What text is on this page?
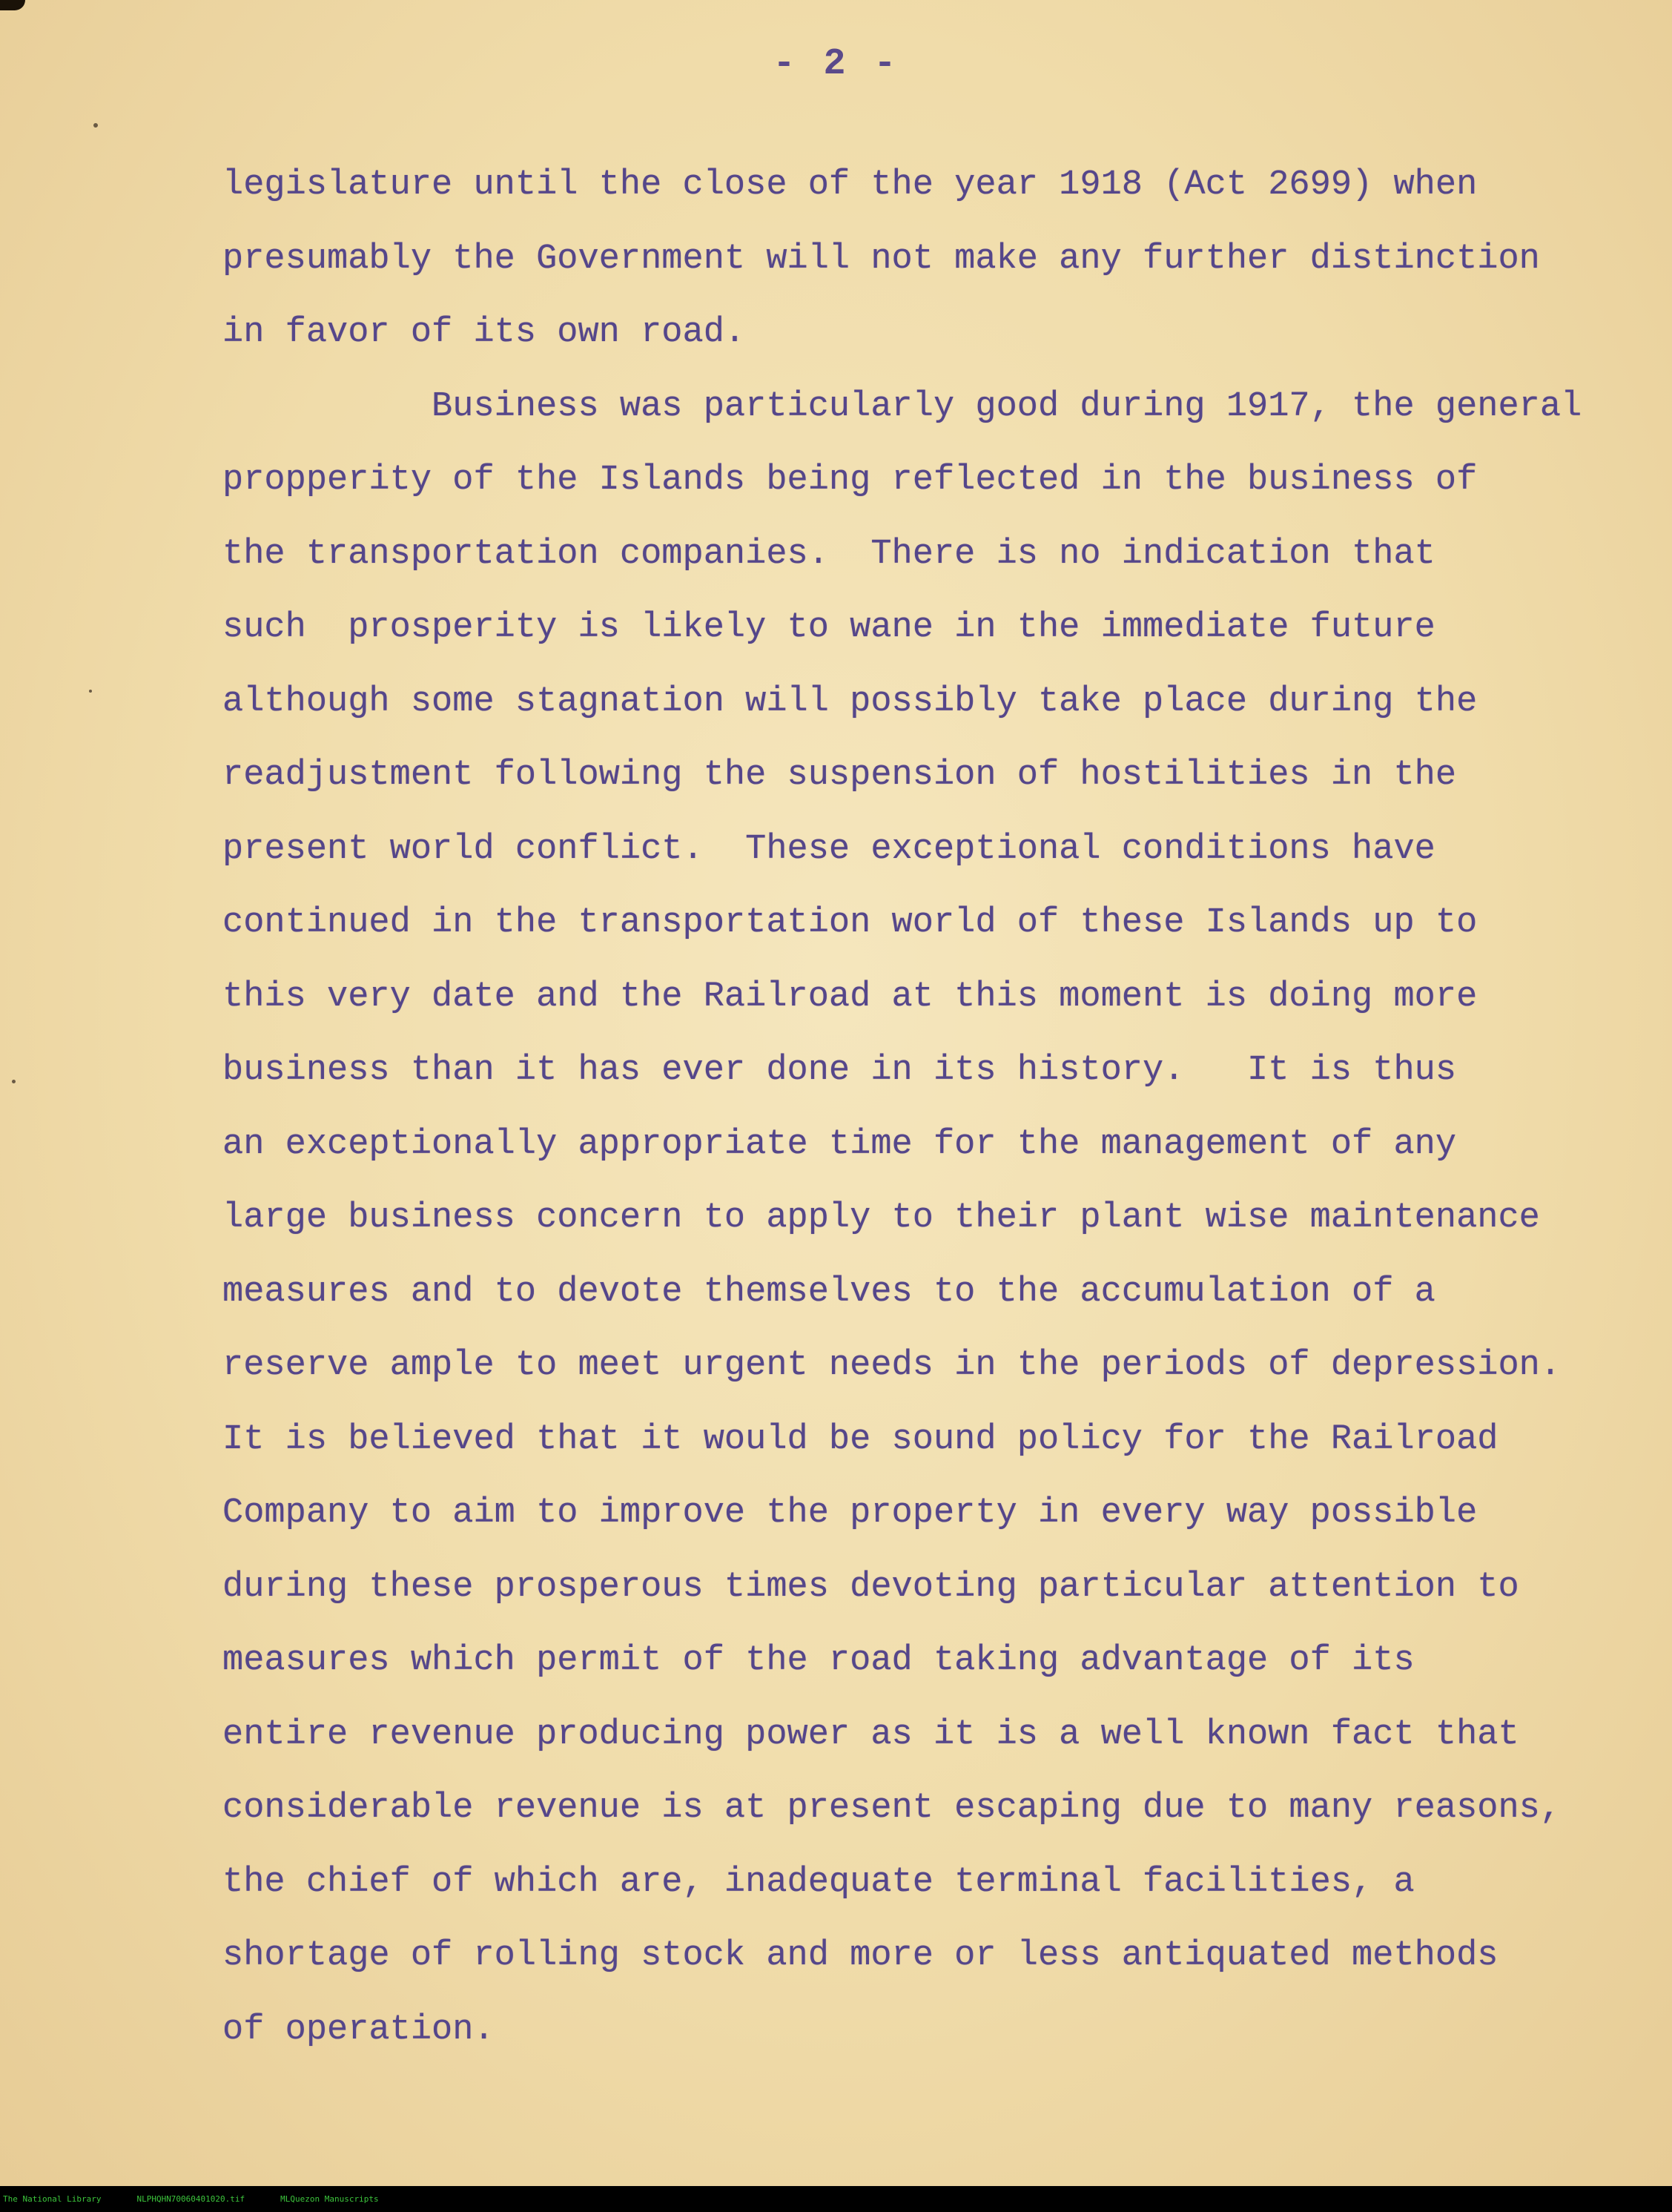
- 2 -
legislature until the close of the year 1918 (Act 2699) when
presumably the Government will not make any further distinction
in favor of its own road.
Business was particularly good during 1917, the general
propperity of the Islands being reflected in the business of
the transportation companies.  There is no indication that
such  prosperity is likely to wane in the immediate future
although some stagnation will possibly take place during the
readjustment following the suspension of hostilities in the
present world conflict.  These exceptional conditions have
continued in the transportation world of these Islands up to
this very date and the Railroad at this moment is doing more
business than it has ever done in its history.   It is thus
an exceptionally appropriate time for the management of any
large business concern to apply to their plant wise maintenance
measures and to devote themselves to the accumulation of a
reserve ample to meet urgent needs in the periods of depression.
It is believed that it would be sound policy for the Railroad
Company to aim to improve the property in every way possible
during these prosperous times devoting particular attention to
measures which permit of the road taking advantage of its
entire revenue producing power as it is a well known fact that
considerable revenue is at present escaping due to many reasons,
the chief of which are, inadequate terminal facilities, a
shortage of rolling stock and more or less antiquated methods
of operation.
The National Library	NLPHQHN70060401020.tif	MLQuezon Manuscripts
